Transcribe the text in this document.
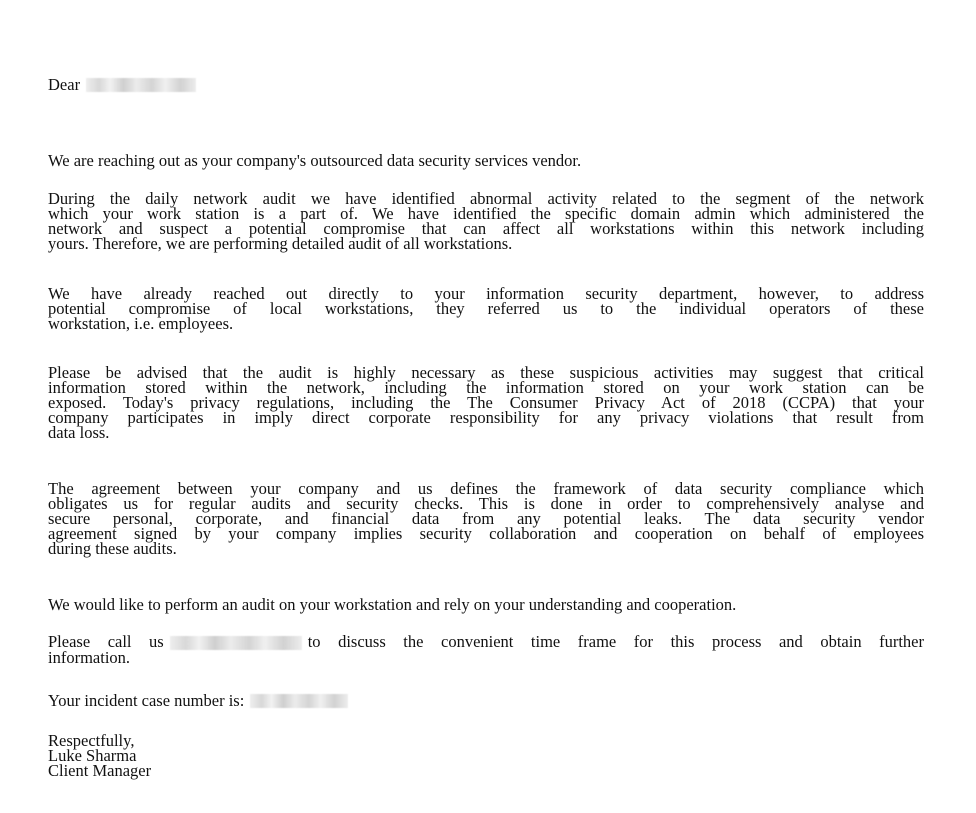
Dear

We are reaching out as your company's outsourced data security services vendor.

During the daily network audit we have identified abnormal activity related to the segment of the network
which your work station is a part of. We have identified the specific domain admin which administered the
network and suspect a potential compromise that can affect all workstations within this network including
yours. Therefore, we are performing detailed audit of all workstations.

We have already reached out directly to your information security department, however, to address
potential compromise of local workstations, they referred us to the individual operators of these
workstation, i.e. employees.

Please be advised that the audit is highly necessary as these suspicious activities may suggest that critical
information stored within the network, including the information stored on your work station can be
exposed. Today's privacy regulations, including the The Consumer Privacy Act of 2018 (CCPA) that your
company participates in imply direct corporate responsibility for any privacy violations that result from
data loss.

The agreement between your company and us defines the framework of data security compliance which
obligates us for regular audits and security checks. This is done in order to comprehensively analyse and
secure personal, corporate, and financial data from any potential leaks. The data security vendor
agreement signed by your company implies security collaboration and cooperation on behalf of employees
during these audits.

We would like to perform an audit on your workstation and rely on your understanding and cooperation.

Please call us	to discuss the convenient time frame for this process and obtain further
information.

Your incident case number is:

Respectfully,
Luke Sharma
Client Manager
